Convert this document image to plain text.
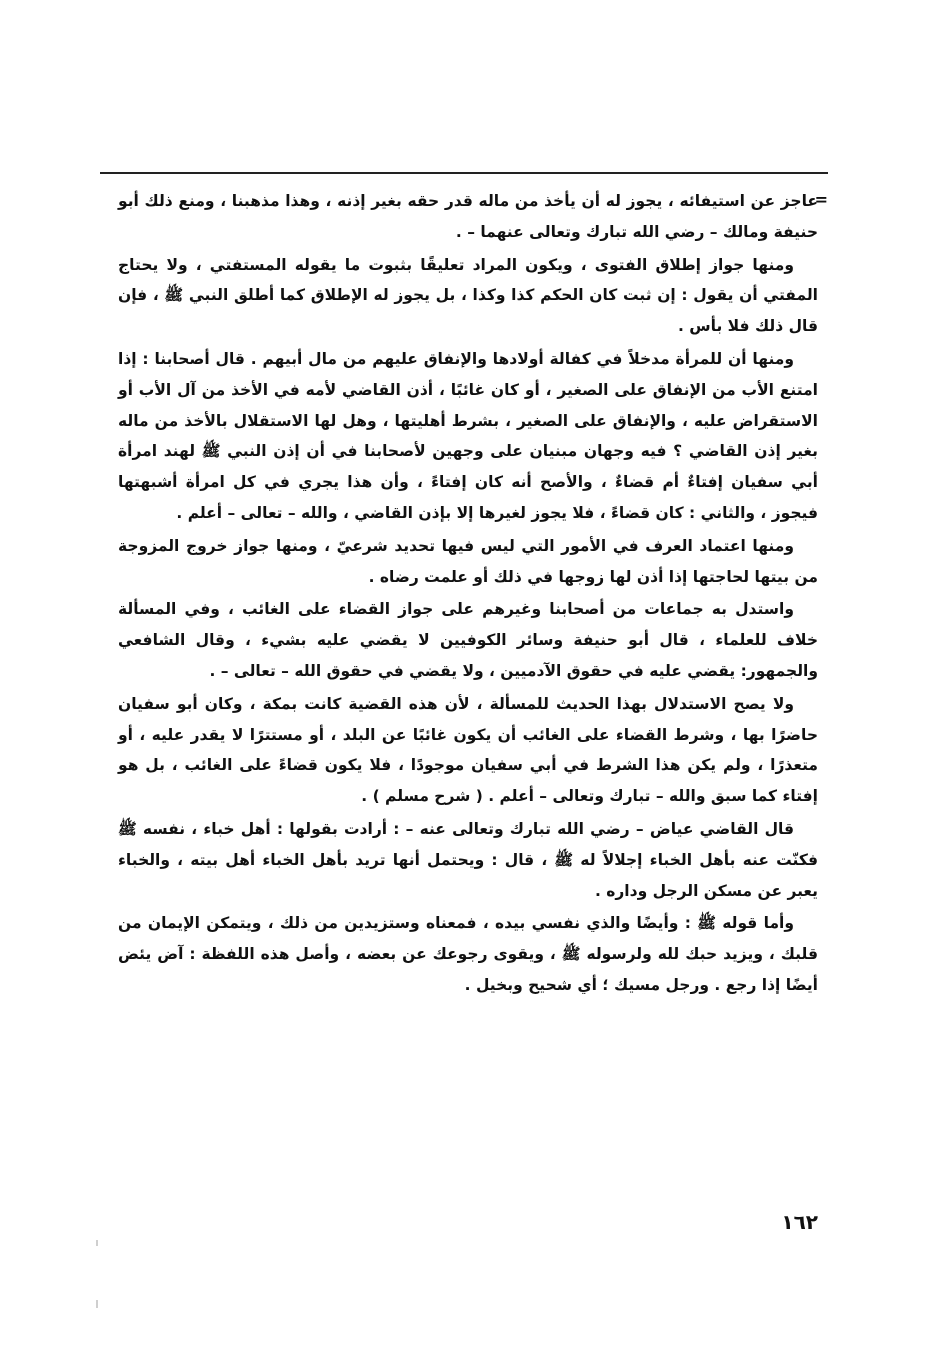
=

عاجز عن استيفائه ، يجوز له أن يأخذ من ماله قدر حقه بغير إذنه ، وهذا مذهبنا ، ومنع ذلك أبو حنيفة ومالك – رضي الله تبارك وتعالى عنهما – .

ومنها جواز إطلاق الفتوى ، ويكون المراد تعليقًا بثبوت ما يقوله المستفتي ، ولا يحتاج المفتي أن يقول : إن ثبت كان الحكم كذا وكذا ، بل يجوز له الإطلاق كما أطلق النبي ﷺ ، فإن قال ذلك فلا بأس .

ومنها أن للمرأة مدخلاً في كفالة أولادها والإنفاق عليهم من مال أبيهم . قال أصحابنا : إذا امتنع الأب من الإنفاق على الصغير ، أو كان غائبًا ، أذن القاضي لأمه في الأخذ من آل الأب أو الاستقراض عليه ، والإنفاق على الصغير ، بشرط أهليتها ، وهل لها الاستقلال بالأخذ من ماله بغير إذن القاضي ؟ فيه وجهان مبنيان على وجهين لأصحابنا في أن إذن النبي ﷺ لهند امرأة أبي سفيان إفتاءٌ أم قضاءٌ ، والأصح أنه كان إفتاءً ، وأن هذا يجري في كل امرأة أشبهتها فيجوز ، والثاني : كان قضاءً ، فلا يجوز لغيرها إلا بإذن القاضي ، والله – تعالى – أعلم .

ومنها اعتماد العرف في الأمور التي ليس فيها تحديد شرعيّ ، ومنها جواز خروج المزوجة من بيتها لحاجتها إذا أذن لها زوجها في ذلك أو علمت رضاه .

واستدل به جماعات من أصحابنا وغيرهم على جواز القضاء على الغائب ، وفي المسألة خلاف للعلماء ، قال أبو حنيفة وسائر الكوفيين لا يقضي عليه بشيء ، وقال الشافعي والجمهور: يقضي عليه في حقوق الآدميين ، ولا يقضي في حقوق الله – تعالى – .

ولا يصح الاستدلال بهذا الحديث للمسألة ، لأن هذه القضية كانت بمكة ، وكان أبو سفيان حاضرًا بها ، وشرط القضاء على الغائب أن يكون غائبًا عن البلد ، أو مستترًا لا يقدر عليه ، أو متعذرًا ، ولم يكن هذا الشرط في أبي سفيان موجودًا ، فلا يكون قضاءً على الغائب ، بل هو إفتاء كما سبق والله – تبارك وتعالى – أعلم . ( شرح مسلم ) .

قال القاضي عياض – رضي الله تبارك وتعالى عنه – : أرادت بقولها : أهل خباء ، نفسه ﷺ فكنّت عنه بأهل الخباء إجلالاً له ﷺ ، قال : ويحتمل أنها تريد بأهل الخباء أهل بيته ، والخباء يعبر عن مسكن الرجل وداره .

وأما قوله ﷺ : وأيضًا والذي نفسي بيده ، فمعناه وستزيدين من ذلك ، ويتمكن الإيمان من قلبك ، ويزيد حبك لله ولرسوله ﷺ ، ويقوى رجوعك عن بعضه ، وأصل هذه اللفظة : آض يئض أيضًا إذا رجع . ورجل مسيك ؛ أي شحيح وبخيل .

١٦٢
